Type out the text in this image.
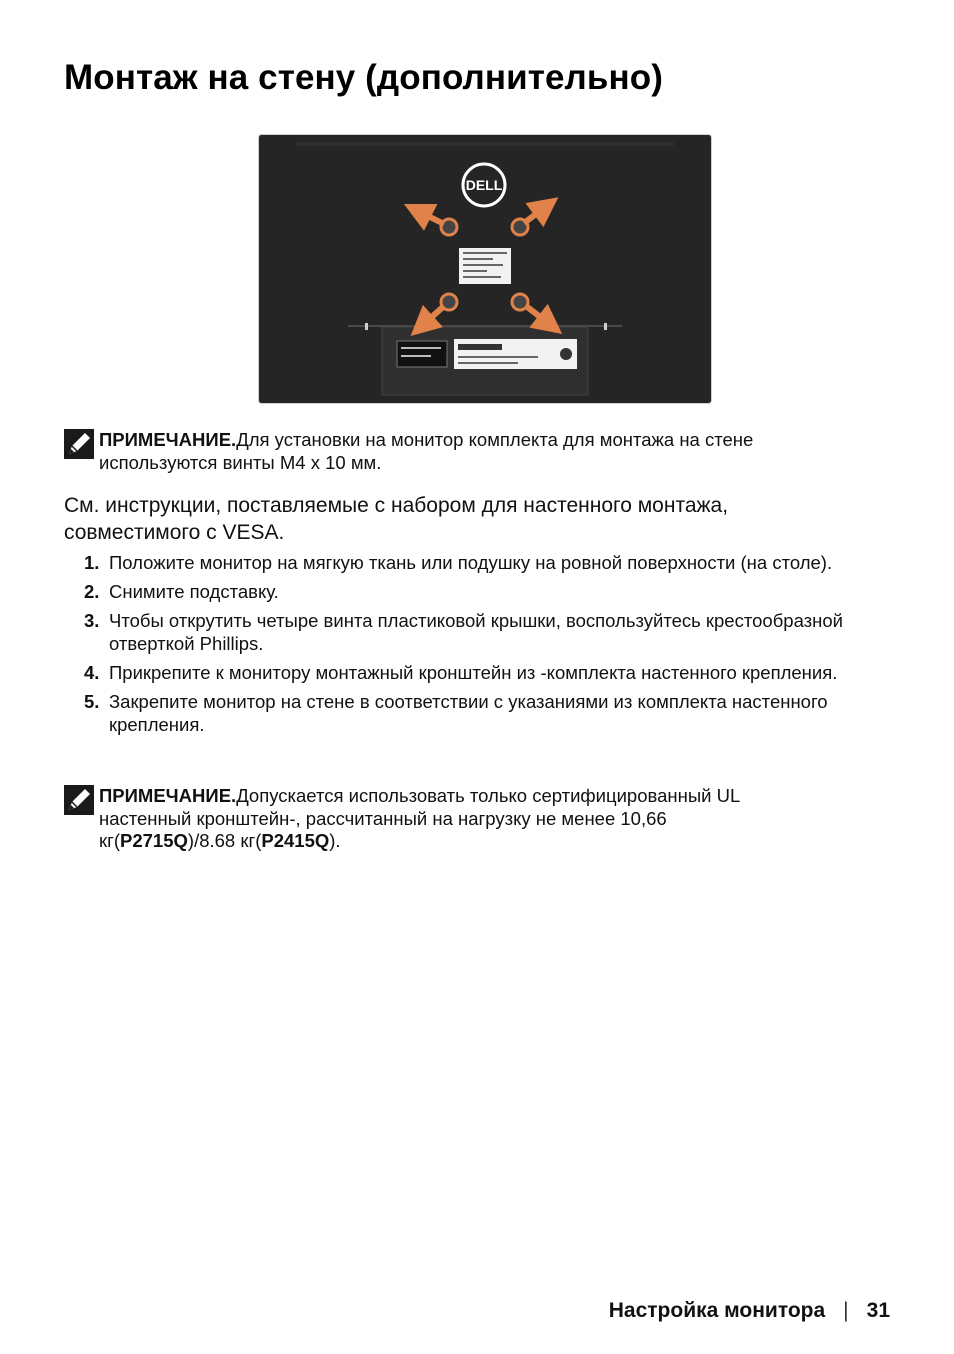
Монтаж на стену (дополнительно)
DELL
ПРИМЕЧАНИЕ.Для установки на монитор комплекта для монтажа на стене используются винты M4 x 10 мм.

См. инструкции, поставляемые с набором для настенного монтажа, совместимого с VESA.

1. Положите монитор на мягкую ткань или подушку на ровной поверхности (на столе).
2. Снимите подставку.
3. Чтобы открутить четыре винта пластиковой крышки, воспользуйтесь крестообразной отверткой Phillips.
4. Прикрепите к монитору монтажный кронштейн из -комплекта настенного крепления.
5. Закрепите монитор на стене в соответствии с указаниями из комплекта настенного крепления.
ПРИМЕЧАНИЕ.Допускается использовать только сертифицированный UL настенный кронштейн-, рассчитанный на нагрузку не менее 10,66 кг(P2715Q)/8.68 кг(P2415Q).
Настройка монитора | 31
